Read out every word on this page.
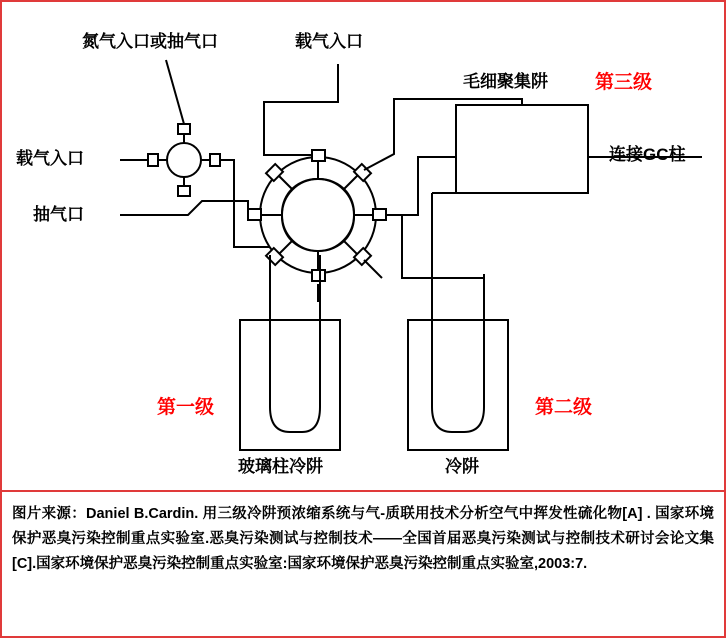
氮气入口或抽气口	载气入口
毛细聚集阱 第三级
载气入口	连接GC柱
抽气口
第一级	第二级
玻璃柱冷阱	冷阱
图片来源：Daniel B.Cardin. 用三级冷阱预浓缩系统与气-质联用技术分析空气中挥发性硫化物[A] . 国家环境保护恶臭污染控制重点实验室.恶臭污染测试与控制技术——全国首届恶臭污染测试与控制技术研讨会论文集[C].国家环境保护恶臭污染控制重点实验室:国家环境保护恶臭污染控制重点实验室,2003:7.
